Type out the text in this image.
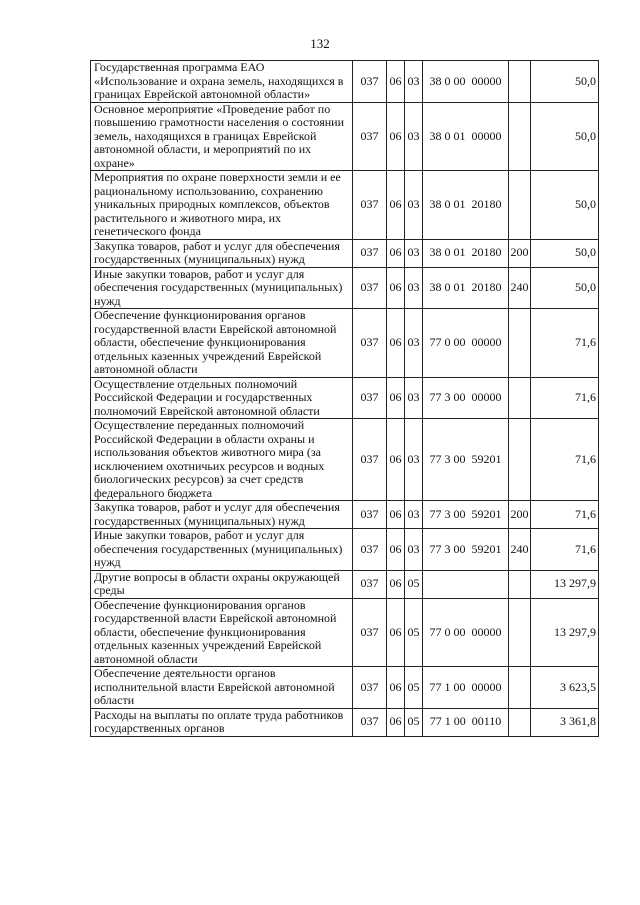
132
Государственная программа ЕАО «Использование и охрана земель, находящихся в границах Еврейской автономной области»	037	06	03	38 0 00  00000		50,0
Основное мероприятие «Проведение работ по повышению грамотности населения о состоянии земель, находящихся в границах Еврейской автономной области, и мероприятий по их охране»	037	06	03	38 0 01  00000		50,0
Мероприятия по охране поверхности земли и ее рациональному использованию, сохранению уникальных природных комплексов, объектов растительного и животного мира, их генетического фонда	037	06	03	38 0 01  20180		50,0
Закупка товаров, работ и услуг для обеспечения государственных (муниципальных) нужд	037	06	03	38 0 01  20180	200	50,0
Иные закупки товаров, работ и услуг для обеспечения государственных (муниципальных) нужд	037	06	03	38 0 01  20180	240	50,0
Обеспечение функционирования органов государственной власти Еврейской автономной области, обеспечение функционирования отдельных казенных учреждений Еврейской автономной области	037	06	03	77 0 00  00000		71,6
Осуществление отдельных полномочий Российской Федерации и государственных полномочий Еврейской автономной области	037	06	03	77 3 00  00000		71,6
Осуществление переданных полномочий Российской Федерации в области охраны и использования объектов животного мира (за исключением охотничьих ресурсов и водных биологических ресурсов) за счет средств федерального бюджета	037	06	03	77 3 00  59201		71,6
Закупка товаров, работ и услуг для обеспечения государственных (муниципальных) нужд	037	06	03	77 3 00  59201	200	71,6
Иные закупки товаров, работ и услуг для обеспечения государственных (муниципальных) нужд	037	06	03	77 3 00  59201	240	71,6
Другие вопросы в области охраны окружающей среды	037	06	05			13 297,9
Обеспечение функционирования органов государственной власти Еврейской автономной области, обеспечение функционирования отдельных казенных учреждений Еврейской автономной области	037	06	05	77 0 00  00000		13 297,9
Обеспечение деятельности органов исполнительной власти Еврейской автономной области	037	06	05	77 1 00  00000		3 623,5
Расходы на выплаты по оплате труда работников государственных органов	037	06	05	77 1 00  00110		3 361,8
